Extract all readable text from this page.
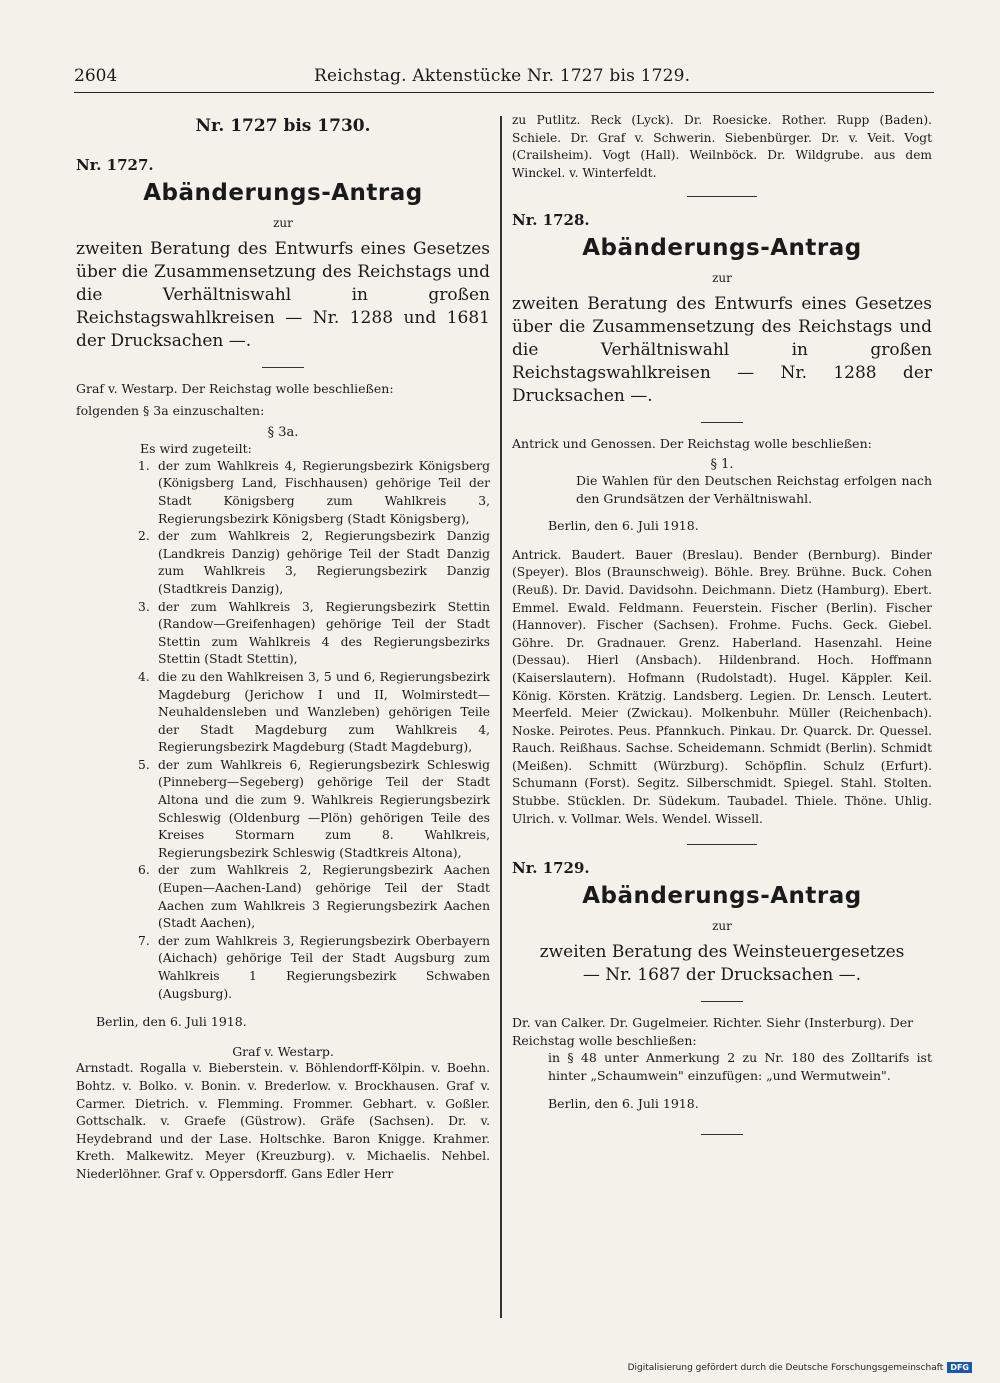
2604	Reichstag. Aktenstücke Nr. 1727 bis 1729.
Nr. 1727 bis 1730.
Nr. 1727.
Abänderungs-Antrag
zur
zweiten Beratung des Entwurfs eines Gesetzes über die Zusammensetzung des Reichstags und die Verhältniswahl in großen Reichstagswahlkreisen — Nr. 1288 und 1681 der Drucksachen —.

Graf v. Westarp. Der Reichstag wolle beschließen:

folgenden § 3a einzuschalten:

§ 3a.

Es wird zugeteilt:

1. der zum Wahlkreis 4, Regierungsbezirk Königsberg (Königsberg Land, Fischhausen) gehörige Teil der Stadt Königsberg zum Wahlkreis 3, Regierungsbezirk Königsberg (Stadt Königsberg),
2. der zum Wahlkreis 2, Regierungsbezirk Danzig (Landkreis Danzig) gehörige Teil der Stadt Danzig zum Wahlkreis 3, Regierungsbezirk Danzig (Stadtkreis Danzig),
3. der zum Wahlkreis 3, Regierungsbezirk Stettin (Randow—Greifenhagen) gehörige Teil der Stadt Stettin zum Wahlkreis 4 des Regierungsbezirks Stettin (Stadt Stettin),
4. die zu den Wahlkreisen 3, 5 und 6, Regierungsbezirk Magdeburg (Jerichow I und II, Wolmirstedt—Neuhaldensleben und Wanzleben) gehörigen Teile der Stadt Magdeburg zum Wahlkreis 4, Regierungsbezirk Magdeburg (Stadt Magdeburg),
5. der zum Wahlkreis 6, Regierungsbezirk Schleswig (Pinneberg—Segeberg) gehörige Teil der Stadt Altona und die zum 9. Wahlkreis Regierungsbezirk Schleswig (Oldenburg —Plön) gehörigen Teile des Kreises Stormarn zum 8. Wahlkreis, Regierungsbezirk Schleswig (Stadtkreis Altona),
6. der zum Wahlkreis 2, Regierungsbezirk Aachen (Eupen—Aachen-Land) gehörige Teil der Stadt Aachen zum Wahlkreis 3 Regierungsbezirk Aachen (Stadt Aachen),
7. der zum Wahlkreis 3, Regierungsbezirk Oberbayern (Aichach) gehörige Teil der Stadt Augsburg zum Wahlkreis 1 Regierungsbezirk Schwaben (Augsburg).

Berlin, den 6. Juli 1918.

Graf v. Westarp.

Arnstadt. Rogalla v. Bieberstein. v. Böhlendorff-Kölpin. v. Boehn. Bohtz. v. Bolko. v. Bonin. v. Brederlow. v. Brockhausen. Graf v. Carmer. Dietrich. v. Flemming. Frommer. Gebhart. v. Goßler. Gottschalk. v. Graefe (Güstrow). Gräfe (Sachsen). Dr. v. Heydebrand und der Lase. Holtschke. Baron Knigge. Krahmer. Kreth. Malkewitz. Meyer (Kreuzburg). v. Michaelis. Nehbel. Niederlöhner. Graf v. Oppersdorff. Gans Edler Herr

zu Putlitz. Reck (Lyck). Dr. Roesicke. Rother. Rupp (Baden). Schiele. Dr. Graf v. Schwerin. Siebenbürger. Dr. v. Veit. Vogt (Crailsheim). Vogt (Hall). Weilnböck. Dr. Wildgrube. aus dem Winckel. v. Winterfeldt.

Nr. 1728.
Abänderungs-Antrag
zur
zweiten Beratung des Entwurfs eines Gesetzes über die Zusammensetzung des Reichstags und die Verhältniswahl in großen Reichstagswahlkreisen — Nr. 1288 der Drucksachen —.

Antrick und Genossen. Der Reichstag wolle beschließen:

§ 1.

Die Wahlen für den Deutschen Reichstag erfolgen nach den Grundsätzen der Verhältniswahl.

Berlin, den 6. Juli 1918.

Antrick. Baudert. Bauer (Breslau). Bender (Bernburg). Binder (Speyer). Blos (Braunschweig). Böhle. Brey. Brühne. Buck. Cohen (Reuß). Dr. David. Davidsohn. Deichmann. Dietz (Hamburg). Ebert. Emmel. Ewald. Feldmann. Feuerstein. Fischer (Berlin). Fischer (Hannover). Fischer (Sachsen). Frohme. Fuchs. Geck. Giebel. Göhre. Dr. Gradnauer. Grenz. Haberland. Hasenzahl. Heine (Dessau). Hierl (Ansbach). Hildenbrand. Hoch. Hoffmann (Kaiserslautern). Hofmann (Rudolstadt). Hugel. Käppler. Keil. König. Körsten. Krätzig. Landsberg. Legien. Dr. Lensch. Leutert. Meerfeld. Meier (Zwickau). Molkenbuhr. Müller (Reichenbach). Noske. Peirotes. Peus. Pfannkuch. Pinkau. Dr. Quarck. Dr. Quessel. Rauch. Reißhaus. Sachse. Scheidemann. Schmidt (Berlin). Schmidt (Meißen). Schmitt (Würzburg). Schöpflin. Schulz (Erfurt). Schumann (Forst). Segitz. Silberschmidt. Spiegel. Stahl. Stolten. Stubbe. Stücklen. Dr. Südekum. Taubadel. Thiele. Thöne. Uhlig. Ulrich. v. Vollmar. Wels. Wendel. Wissell.

Nr. 1729.
Abänderungs-Antrag
zur
zweiten Beratung des Weinsteuergesetzes — Nr. 1687 der Drucksachen —.

Dr. van Calker. Dr. Gugelmeier. Richter. Siehr (Insterburg). Der Reichstag wolle beschließen:

in § 48 unter Anmerkung 2 zu Nr. 180 des Zolltarifs ist hinter „Schaumwein" einzufügen: „und Wermutwein".

Berlin, den 6. Juli 1918.

Digitalisierung gefördert durch die Deutsche Forschungsgemeinschaft DFG
